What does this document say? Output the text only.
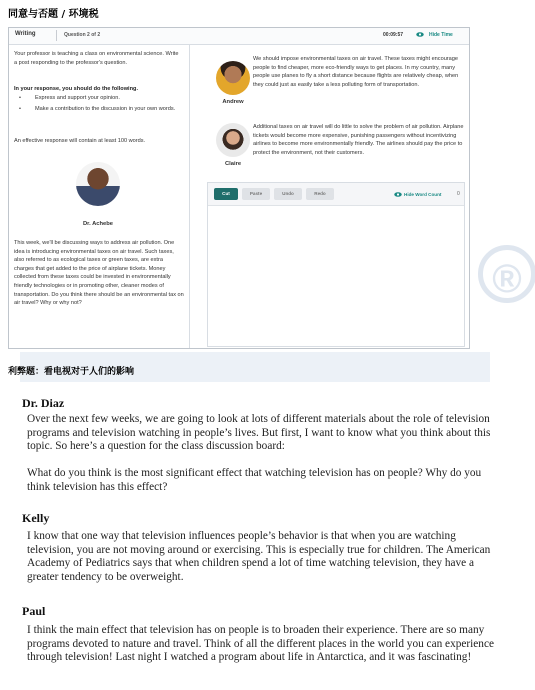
®
同意与否题 / 环境税
Writing	Question 2 of 2	00:09:57	Hide Time
Your professor is teaching a class on environmental science. Write a post responding to the professor's question.
In your response, you should do the following.
•	Express and support your opinion.
•	Make a contribution to the discussion in your own words.
An effective response will contain at least 100 words.
Dr. Achebe
This week, we'll be discussing ways to address air pollution. One idea is introducing environmental taxes on air travel. Such taxes, also referred to as ecological taxes or green taxes, are extra charges that get added to the price of airplane tickets. Money collected from these taxes could be invested in environmentally friendly technologies or in promoting other, cleaner modes of transportation. Do you think there should be an environmental tax on air travel? Why or why not?
Andrew
We should impose environmental taxes on air travel. These taxes might encourage people to find cheaper, more eco-friendly ways to get places. In my country, many people use planes to fly a short distance because flights are relatively cheap, when they could just as easily take a less polluting form of transportation.
Claire
Additional taxes on air travel will do little to solve the problem of air pollution. Airplane tickets would become more expensive, punishing passengers without incentivizing airlines to become more environmentally friendly. The airlines should pay the price to protect the environment, not their customers.
Cut	Paste	Undo	Redo	Hide Word Count	0
利弊题：看电视对于人们的影响
Dr. Diaz
Over the next few weeks, we are going to look at lots of different materials about the role of television programs and television watching in people’s lives. But first, I want to know what you think about this topic. So here’s a question for the class discussion board:
What do you think is the most significant effect that watching television has on people? Why do you think television has this effect?
Kelly
I know that one way that television influences people’s behavior is that when you are watching television, you are not moving around or exercising. This is especially true for children. The American Academy of Pediatrics says that when children spend a lot of time watching television, they have a greater tendency to be overweight.
Paul
I think the main effect that television has on people is to broaden their experience. There are so many programs devoted to nature and travel. Think of all the different places in the world you can experience through television! Last night I watched a program about life in Antarctica, and it was fascinating!
